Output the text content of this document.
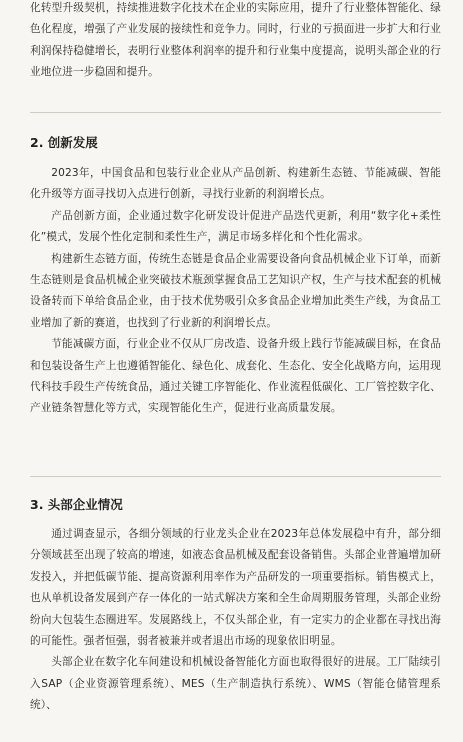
化转型升级契机，持续推进数字化技术在企业的实际应用，提升了行业整体智能化、绿色化程度，增强了产业发展的接续性和竞争力。同时，行业的亏损面进一步扩大和行业利润保持稳健增长，表明行业整体利润率的提升和行业集中度提高，说明头部企业的行业地位进一步稳固和提升。

2. 创新发展

2023年，中国食品和包装行业企业从产品创新、构建新生态链、节能减碳、智能化升级等方面寻找切入点进行创新，寻找行业新的利润增长点。

产品创新方面，企业通过数字化研发设计促进产品迭代更新，利用“数字化+柔性化”模式，发展个性化定制和柔性生产，满足市场多样化和个性化需求。

构建新生态链方面，传统生态链是食品企业需要设备向食品机械企业下订单，而新生态链则是食品机械企业突破技术瓶颈掌握食品工艺知识产权，生产与技术配套的机械设备转而下单给食品企业，由于技术优势吸引众多食品企业增加此类生产线，为食品工业增加了新的赛道，也找到了行业新的利润增长点。

节能减碳方面，行业企业不仅从厂房改造、设备升级上践行节能减碳目标，在食品和包装设备生产上也遵循智能化、绿色化、成套化、生态化、安全化战略方向，运用现代科技手段生产传统食品，通过关键工序智能化、作业流程低碳化、工厂管控数字化、产业链条智慧化等方式，实现智能化生产，促进行业高质量发展。

3. 头部企业情况

通过调查显示，各细分领域的行业龙头企业在2023年总体发展稳中有升，部分细分领域甚至出现了较高的增速，如液态食品机械及配套设备销售。头部企业普遍增加研发投入，并把低碳节能、提高资源利用率作为产品研发的一项重要指标。销售模式上，也从单机设备发展到产存一体化的一站式解决方案和全生命周期服务管理，头部企业纷纷向大包装生态圈进军。发展路线上，不仅头部企业，有一定实力的企业都在寻找出海的可能性。强者恒强，弱者被兼并或者退出市场的现象依旧明显。

头部企业在数字化车间建设和机械设备智能化方面也取得很好的进展。工厂陆续引入SAP（企业资源管理系统）、MES（生产制造执行系统）、WMS（智能仓储管理系统）、
